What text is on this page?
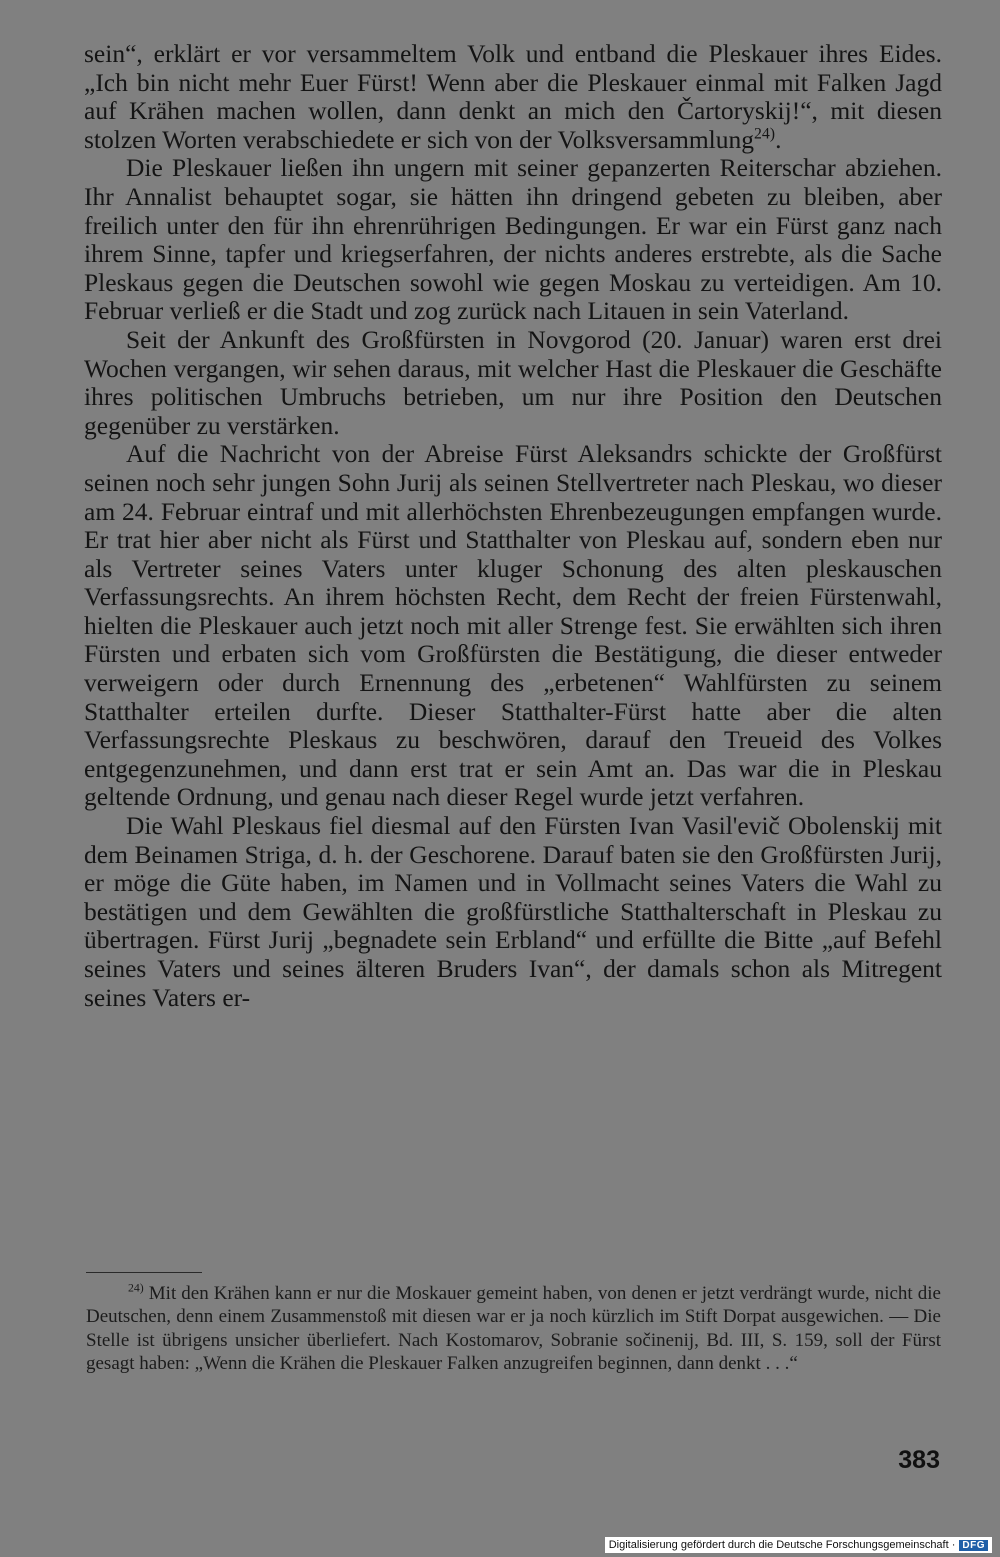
sein“, erklärt er vor versammeltem Volk und entband die Pleskauer ihres Eides. „Ich bin nicht mehr Euer Fürst! Wenn aber die Pleskauer einmal mit Falken Jagd auf Krähen machen wollen, dann denkt an mich den Čartoryskij!“, mit diesen stolzen Worten verabschiedete er sich von der Volksversammlung$^{24)}$.

Die Pleskauer ließen ihn ungern mit seiner gepanzerten Reiterschar abziehen. Ihr Annalist behauptet sogar, sie hätten ihn dringend gebeten zu bleiben, aber freilich unter den für ihn ehrenrührigen Bedingungen. Er war ein Fürst ganz nach ihrem Sinne, tapfer und kriegserfahren, der nichts anderes erstrebte, als die Sache Pleskaus gegen die Deutschen sowohl wie gegen Moskau zu verteidigen. Am 10. Februar verließ er die Stadt und zog zurück nach Litauen in sein Vaterland.

Seit der Ankunft des Großfürsten in Novgorod (20. Januar) waren erst drei Wochen vergangen, wir sehen daraus, mit welcher Hast die Pleskauer die Geschäfte ihres politischen Umbruchs betrieben, um nur ihre Position den Deutschen gegenüber zu verstärken.

Auf die Nachricht von der Abreise Fürst Aleksandrs schickte der Großfürst seinen noch sehr jungen Sohn Jurij als seinen Stellvertreter nach Pleskau, wo dieser am 24. Februar eintraf und mit allerhöchsten Ehrenbezeugungen empfangen wurde. Er trat hier aber nicht als Fürst und Statthalter von Pleskau auf, sondern eben nur als Vertreter seines Vaters unter kluger Schonung des alten pleskauschen Verfassungsrechts. An ihrem höchsten Recht, dem Recht der freien Fürstenwahl, hielten die Pleskauer auch jetzt noch mit aller Strenge fest. Sie erwählten sich ihren Fürsten und erbaten sich vom Großfürsten die Bestätigung, die dieser entweder verweigern oder durch Ernennung des „erbetenen“ Wahlfürsten zu seinem Statthalter erteilen durfte. Dieser Statthalter-Fürst hatte aber die alten Verfassungsrechte Pleskaus zu beschwören, darauf den Treueid des Volkes entgegenzunehmen, und dann erst trat er sein Amt an. Das war die in Pleskau geltende Ordnung, und genau nach dieser Regel wurde jetzt verfahren.

Die Wahl Pleskaus fiel diesmal auf den Fürsten Ivan Vasil'evič Obolenskij mit dem Beinamen Striga, d. h. der Geschorene. Darauf baten sie den Großfürsten Jurij, er möge die Güte haben, im Namen und in Vollmacht seines Vaters die Wahl zu bestätigen und dem Gewählten die großfürstliche Statthalterschaft in Pleskau zu übertragen. Fürst Jurij „begnadete sein Erbland“ und erfüllte die Bitte „auf Befehl seines Vaters und seines älteren Bruders Ivan“, der damals schon als Mitregent seines Vaters er-

$^{24)}$ Mit den Krähen kann er nur die Moskauer gemeint haben, von denen er jetzt verdrängt wurde, nicht die Deutschen, denn einem Zusammenstoß mit diesen war er ja noch kürzlich im Stift Dorpat ausgewichen. — Die Stelle ist übrigens unsicher überliefert. Nach Kostomarov, Sobranie sočinenij, Bd. III, S. 159, soll der Fürst gesagt haben: „Wenn die Krähen die Pleskauer Falken anzugreifen beginnen, dann denkt . . .“

383
Digitalisierung gefördert durch die Deutsche Forschungsgemeinschaft · DFG
